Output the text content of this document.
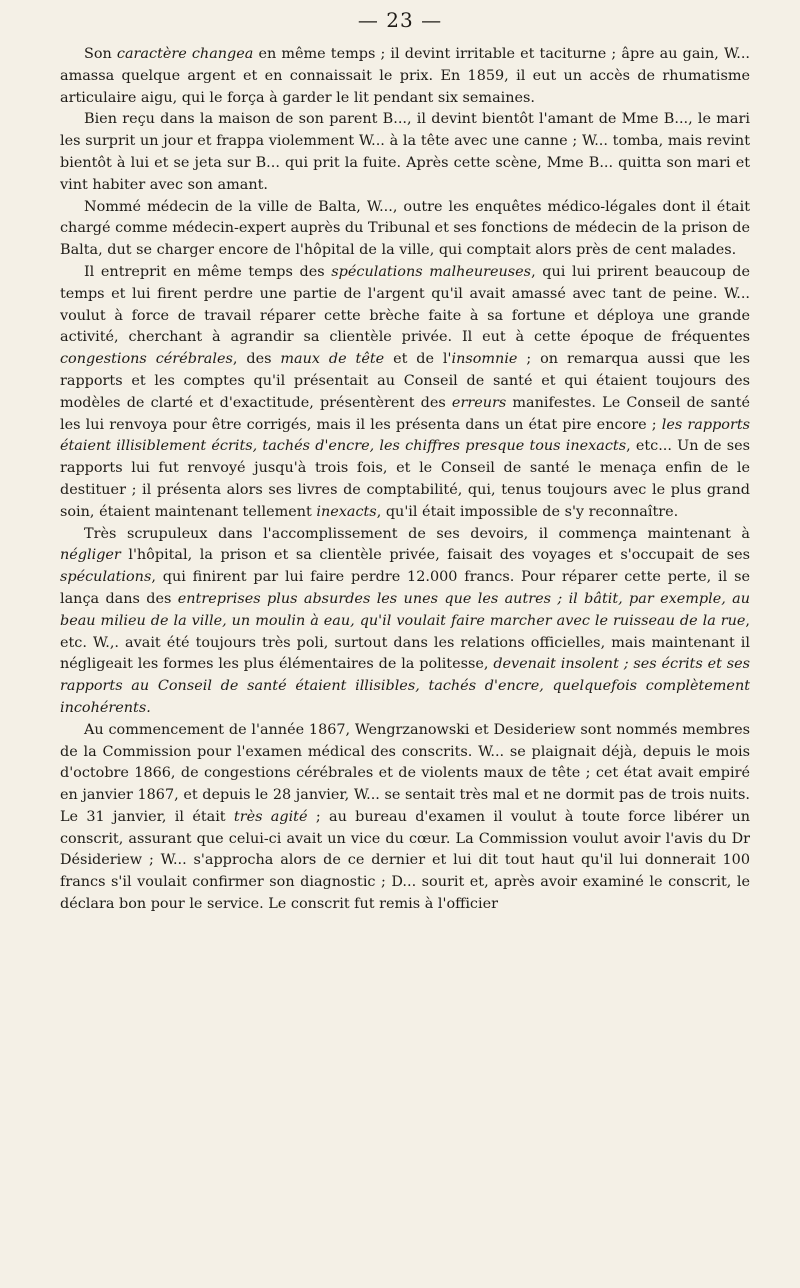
— 23 —

Son caractère changea en même temps ; il devint irritable et taciturne ; âpre au gain, W... amassa quelque argent et en connaissait le prix. En 1859, il eut un accès de rhumatisme articulaire aigu, qui le força à garder le lit pendant six semaines.

Bien reçu dans la maison de son parent B..., il devint bientôt l'amant de Mme B..., le mari les surprit un jour et frappa violemment W... à la tête avec une canne ; W... tomba, mais revint bientôt à lui et se jeta sur B... qui prit la fuite. Après cette scène, Mme B... quitta son mari et vint habiter avec son amant.

Nommé médecin de la ville de Balta, W..., outre les enquêtes médico-légales dont il était chargé comme médecin-expert auprès du Tribunal et ses fonctions de médecin de la prison de Balta, dut se charger encore de l'hôpital de la ville, qui comptait alors près de cent malades.

Il entreprit en même temps des spéculations malheureuses, qui lui prirent beaucoup de temps et lui firent perdre une partie de l'argent qu'il avait amassé avec tant de peine. W... voulut à force de travail réparer cette brèche faite à sa fortune et déploya une grande activité, cherchant à agrandir sa clientèle privée. Il eut à cette époque de fréquentes congestions cérébrales, des maux de tête et de l'insomnie ; on remarqua aussi que les rapports et les comptes qu'il présentait au Conseil de santé et qui étaient toujours des modèles de clarté et d'exactitude, présentèrent des erreurs manifestes. Le Conseil de santé les lui renvoya pour être corrigés, mais il les présenta dans un état pire encore ; les rapports étaient illisiblement écrits, tachés d'encre, les chiffres presque tous inexacts, etc... Un de ses rapports lui fut renvoyé jusqu'à trois fois, et le Conseil de santé le menaça enfin de le destituer ; il présenta alors ses livres de comptabilité, qui, tenus toujours avec le plus grand soin, étaient maintenant tellement inexacts, qu'il était impossible de s'y reconnaître.

Très scrupuleux dans l'accomplissement de ses devoirs, il commença maintenant à négliger l'hôpital, la prison et sa clientèle privée, faisait des voyages et s'occupait de ses spéculations, qui finirent par lui faire perdre 12.000 francs. Pour réparer cette perte, il se lança dans des entreprises plus absurdes les unes que les autres ; il bâtit, par exemple, au beau milieu de la ville, un moulin à eau, qu'il voulait faire marcher avec le ruisseau de la rue, etc. W.,. avait été toujours très poli, surtout dans les relations officielles, mais maintenant il négligeait les formes les plus élémentaires de la politesse, devenait insolent ; ses écrits et ses rapports au Conseil de santé étaient illisibles, tachés d'encre, quelquefois complètement incohérents.

Au commencement de l'année 1867, Wengrzanowski et Desideriew sont nommés membres de la Commission pour l'examen médical des conscrits. W... se plaignait déjà, depuis le mois d'octobre 1866, de congestions cérébrales et de violents maux de tête ; cet état avait empiré en janvier 1867, et depuis le 28 janvier, W... se sentait très mal et ne dormit pas de trois nuits. Le 31 janvier, il était très agité ; au bureau d'examen il voulut à toute force libérer un conscrit, assurant que celui-ci avait un vice du cœur. La Commission voulut avoir l'avis du Dr Désideriew ; W... s'approcha alors de ce dernier et lui dit tout haut qu'il lui donnerait 100 francs s'il voulait confirmer son diagnostic ; D... sourit et, après avoir examiné le conscrit, le déclara bon pour le service. Le conscrit fut remis à l'officier
